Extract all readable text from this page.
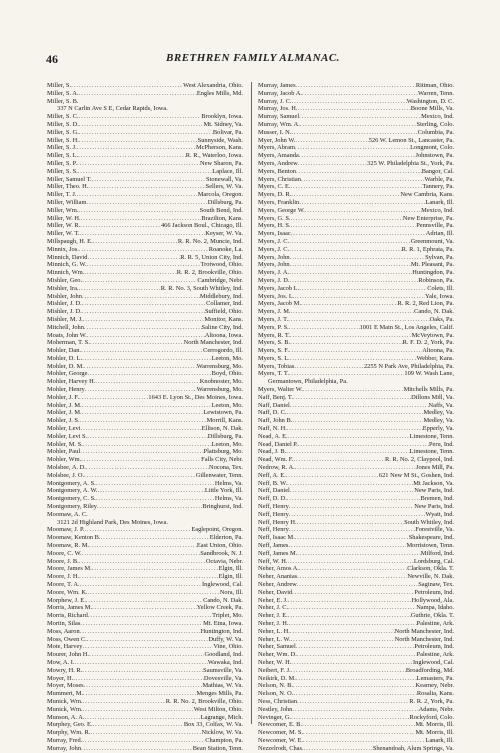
46	BRETHREN FAMILY ALMANAC.
Miller, S. .....	West Alexandria, Ohio.
Miller, S. A. .....	Engles Mills, Md.
Miller, S. B.
337 N Carlin Ave S E, Cedar Rapids, Iowa.
Miller, S. C. .....	Brooklyn, Iowa.
Miller, S. D. .....	Mt. Sidney, Va.
Miller, S. G. .....	Bolivar, Pa.
Miller, S. H. .....	Sunnyside, Wash.
Miller, S. J. .....	McPherson, Kans.
Miller, S. L. .....	R. R., Waterloo, Iowa.
Miller, S. P. .....	New Sharon, Pa.
Miller, S. S. .....	Laplace, Ill.
Miller, Samuel T. .....	Stonewall, Va.
Miller, Theo. H. .....	Sellers, W. Va.
Miller, T. J. .....	Marcola, Oregon.
Miller, William .....	Dillsburg, Pa.
Miller, Wm. .....	South Bend, Ind.
Miller, W. H. .....	Brazilton, Kans.
Miller, W. R. .....	466 Jackson Boul., Chicago, Ill.
Miller, W. T. .....	Keyser, W. Va.
Millspaugh, H. E. .....	R. R. No. 2, Muncie, Ind.
Minnix, Jos. .....	Roanoke, La.
Minnich, David .....	R. R. 5, Union City, Ind.
Minnich, G. W. .....	Trotwood, Ohio.
Minnich, Wm. .....	R. R. 2, Brookville, Ohio.
Mishler, Geo. .....	Cambridge, Nebr.
Mishler, Ira. .....	R. R. No. 3, South Whitley, Ind.
Mishler, John .....	Middlebury, Ind.
Mishler, J. D. .....	Collamer, Ind.
Mishler, J. D. .....	Suffield, Ohio.
Mishler, M. J. .....	Monitor, Kans.
Mitchell, John .....	Saline City, Ind.
Moats, John W. .....	Altoona, Iowa.
Moherman, T. S. .....	North Manchester, Ind.
Mohler, Dan. .....	Cerrogordo, Ill.
Mohler, D. L. .....	Leeton, Mo.
Mohler, D. M. .....	Warrensburg, Mo.
Mohler, George .....	Boyd, Ohio.
Mohler, Harvey H. .....	Knobnoster, Mo.
Mohler, Henry .....	Warrensburg, Mo.
Mohler, J. F. .....	1643 E. Lyon St., Des Moines, Iowa.
Mohler, J. M. .....	Leeton, Mo.
Mohler, J. M. .....	Lewistown, Pa.
Mohler, J. S. .....	Morrill, Kans.
Mohler, Levi .....	Ellison, N. Dak.
Mohler, Levi S. .....	Dillsburg, Pa.
Mohler, M. S. .....	Leeton, Mo.
Mohler, Paul .....	Plattsburg, Mo.
Mohler, Wm. .....	Falls City, Nebr.
Molsbee, A. D. .....	Nocona, Tex.
Molsbee, J. O. .....	Gillenwater, Tenn.
Montgomery, A. S. .....	Helms, Va.
Montgomery, A. W. .....	Little York, Ill.
Montgomery, C. S. .....	Helms, Va.
Montgomery, Riley .....	Bringhurst, Ind.
Moomaw, A. C.
3121 2d Highland Park, Des Moines, Iowa.
Moomaw, J. P. .....	Eaglepoint, Oregon.
Moomaw, Kenton B. .....	Elderton, Pa.
Moomaw, R. M. .....	East Union, Ohio.
Moore, C. W. .....	Sandbrook, N. J.
Moore, J. B. .....	Octavia, Nebr.
Moore, James M. .....	Elgin, Ill.
Moore, J. H. .....	Elgin, Ill.
Moore, T. A. .....	Inglewood, Cal.
Moore, Wm. K. .....	Nora, Ill.
Morphew, J. E. .....	Cando, N. Dak.
Morris, James M. .....	Yellow Creek, Pa.
Morris, Richard .....	Triplet, Mo.
Mortin, Silas .....	Mt. Etna, Iowa.
Moss, Aaron .....	Huntington, Ind.
Moss, Owen C. .....	Duffy, W. Va.
Mote, Harvey .....	Vine, Ohio.
Mourer, John H. .....	Goodland, Ind.
Mow, A. I. .....	Wawaka, Ind.
Mowry, H. R. .....	Saumsville, Va.
Moyer, H. .....	Dovesville, Va.
Moyer, Moses .....	Mathias, W. Va.
Mummert, M. .....	Menges Mills, Pa.
Munick, Wm. .....	R. R. No. 2, Brookville, Ohio.
Munick, Wm. .....	West Milton, Ohio.
Munson, A. A. .....	Lagrange, Mich.
Murphey, Geo. E. .....	Box 33, Colfax, W. Va.
Murphy, Wm. R. .....	Nicklow, W. Va.
Murray, Fred. .....	Champion, Pa.
Murray, John .....	Bean Station, Tenn.
Murray, James .....	Rittman, Ohio.
Murray, Jacob A. .....	Warren, Tenn.
Murray, J. C. .....	Washington, D. C.
Murray, Jos. H. .....	Boone Mills, Va.
Murray, Samuel .....	Mexico, Ind.
Murray, Wm. A. .....	Sterling, Colo.
Musser, I. N. .....	Columbia, Pa.
Myer, John W. .....	526 W. Lemon St., Lancaster, Pa.
Myers, Abram .....	Longmont, Colo.
Myers, Amanda .....	Johnstown, Pa.
Myers, Andrew .....	325 W. Philadelphia St., York, Pa.
Myers, Benton .....	Bangor, Cal.
Myers, Christian .....	Warble, Pa.
Myers, C. E. .....	Tannery, Pa.
Myers, D. R. .....	New Cambria, Kans.
Myers, Franklin .....	Lanark, Ill.
Myers, George W. .....	Mexico, Ind.
Myers, G. S. .....	New Enterprise, Pa.
Myers, H. S. .....	Pennsville, Pa.
Myers, Isaac .....	Adrian, Ill.
Myers, J. C. .....	Greenmount, Va.
Myers, J. C. .....	R. R. 1, Ephrata, Pa.
Myers, John .....	Sylvan, Pa.
Myers, John .....	Mt. Pleasant, Pa.
Myers, J. A. .....	Huntingdon, Pa.
Myers, J. D. .....	Robinson, Pa.
Myers, Jacob L. .....	Colets, Ill.
Myers, Jos. L. .....	Yale, Iowa.
Myers, Jacob M. .....	R. R. 2, Red Lion, Pa.
Myers, J. M. .....	Cando, N. Dak.
Myers, J. T. .....	Oaks, Pa.
Myers, P. S. .....	1001 E Main St., Los Angeles, Calif.
Myers, R. T. .....	McVeytown, Pa.
Myers, S. B. .....	R. F. D. 2, York, Pa.
Myers, S. F. .....	Altoona, Pa.
Myers, S. L. .....	Webber, Kans.
Myers, Tobias .....	2255 N Park Ave, Philadelphia, Pa.
Myers, T. T. .....	109 W. Wash Lane,
Germantown, Philadelphia, Pa.
Myers, Walter W. .....	Mitchells Mills, Pa.
Naff, Benj. T. .....	Dillons Mill, Va.
Naff, Daniel .....	Naffs, Va.
Naff, D. C. .....	Medley, Va.
Naff, John B. .....	Medley, Va.
Naff, N. H. .....	Epperly, Va.
Nead, A. E. .....	Limestone, Tenn.
Nead, Daniel P. .....	Peru, Ind.
Nead, J. B. .....	Limestone, Tenn.
Nead, Wm. F. .....	R. R. No. 2, Claypool, Ind.
Nedrow, R. A. .....	Jones Mill, Pa.
Neff, A. E. .....	621 New M St., Goshen, Ind.
Neff, B. W. .....	Mt Jackson, Va.
Neff, Daniel .....	New Paris, Ind.
Neff, D. D. .....	Bremen, Ind.
Neff, Henry .....	New Paris, Ind.
Neff, Henry .....	Wyatt, Ind.
Neff, Henry H. .....	South Whitley, Ind.
Neff, Henry .....	Forestville, Va.
Neff, Isaac M. .....	Shakespeare, Ind.
Neff, James .....	Morristown, Tenn.
Neff, James M. .....	Milford, Ind.
Neff, W. H. .....	Lordsburg, Cal.
Neher, Amos A. .....	Clarkson, Okla. T.
Neher, Ananias .....	Newville, N. Dak.
Neher, Andrew .....	Saginaw, Tex.
Neher, David .....	Petroleum, Ind.
Neher, E. J. .....	Hollywood, Ala.
Neher, J. C. .....	Nampa, Idaho.
Neher, J. E. .....	Guthrie, Okla. T.
Neher, J. H. .....	Palestine, Ark.
Neher, L. H. .....	North Manchester, Ind.
Neher, L. W. .....	North Manchester, Ind.
Neher, Samuel .....	Petroleum, Ind.
Neher, Wm. D. .....	Palestine, Ark.
Neher, W. H. .....	Inglewood, Cal.
Neibert, F. J. .....	Broadfording, Md.
Neikirk, D. M. .....	Lemasters, Pa.
Nelson, N. B. .....	Kearney, Nebr.
Nelson, N. O. .....	Rosalia, Kans.
Ness, Christian .....	R. R. 2, York, Pa.
Nestley, John .....	Adams, Nebr.
Nevinger, G. .....	Rockyford, Colo.
Newcomer, E. B. .....	Mt. Morris, Ill.
Newcomer, M. S. .....	Mt. Morris, Ill.
Newcomer, W. E. .....	Lanark, Ill.
Nezzelrodt, Chas. .....	Shenandoah, Alum Springs, Va.
